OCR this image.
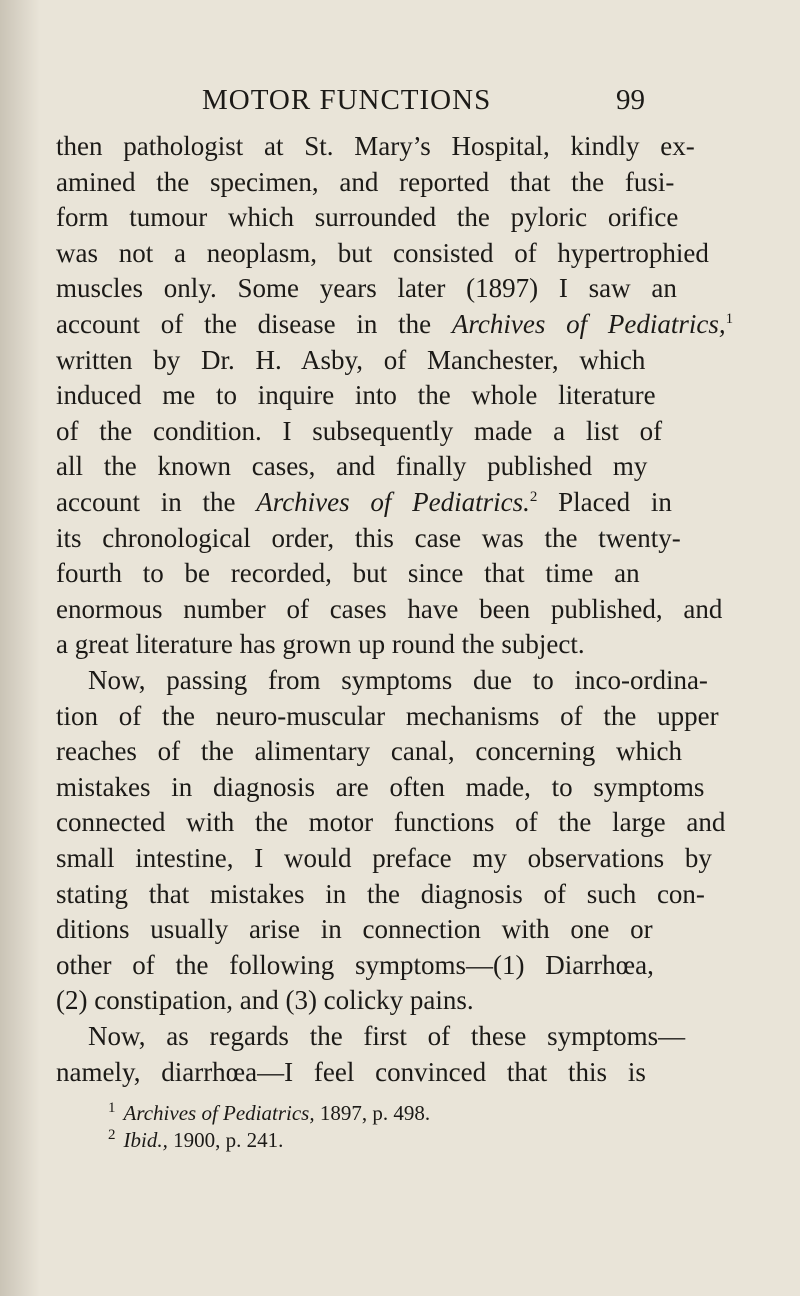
MOTOR FUNCTIONS	99

then pathologist at St. Mary’s Hospital, kindly ex-

amined the specimen, and reported that the fusi-

form tumour which surrounded the pyloric orifice

was not a neoplasm, but consisted of hypertrophied

muscles only. Some years later (1897) I saw an

account of the disease in the Archives of Pediatrics,$^1$

written by Dr. H. Asby, of Manchester, which

induced me to inquire into the whole literature

of the condition. I subsequently made a list of

all the known cases, and finally published my

account in the Archives of Pediatrics.$^2$ Placed in

its chronological order, this case was the twenty-

fourth to be recorded, but since that time an

enormous number of cases have been published, and

a great literature has grown up round the subject.

Now, passing from symptoms due to inco-ordina-

tion of the neuro-muscular mechanisms of the upper

reaches of the alimentary canal, concerning which

mistakes in diagnosis are often made, to symptoms

connected with the motor functions of the large and

small intestine, I would preface my observations by

stating that mistakes in the diagnosis of such con-

ditions usually arise in connection with one or

other of the following symptoms—(1) Diarrhœa,

(2) constipation, and (3) colicky pains.

Now, as regards the first of these symptoms—

namely, diarrhœa—I feel convinced that this is

$^1$ Archives of Pediatrics, 1897, p. 498.
$^2$ Ibid., 1900, p. 241.
